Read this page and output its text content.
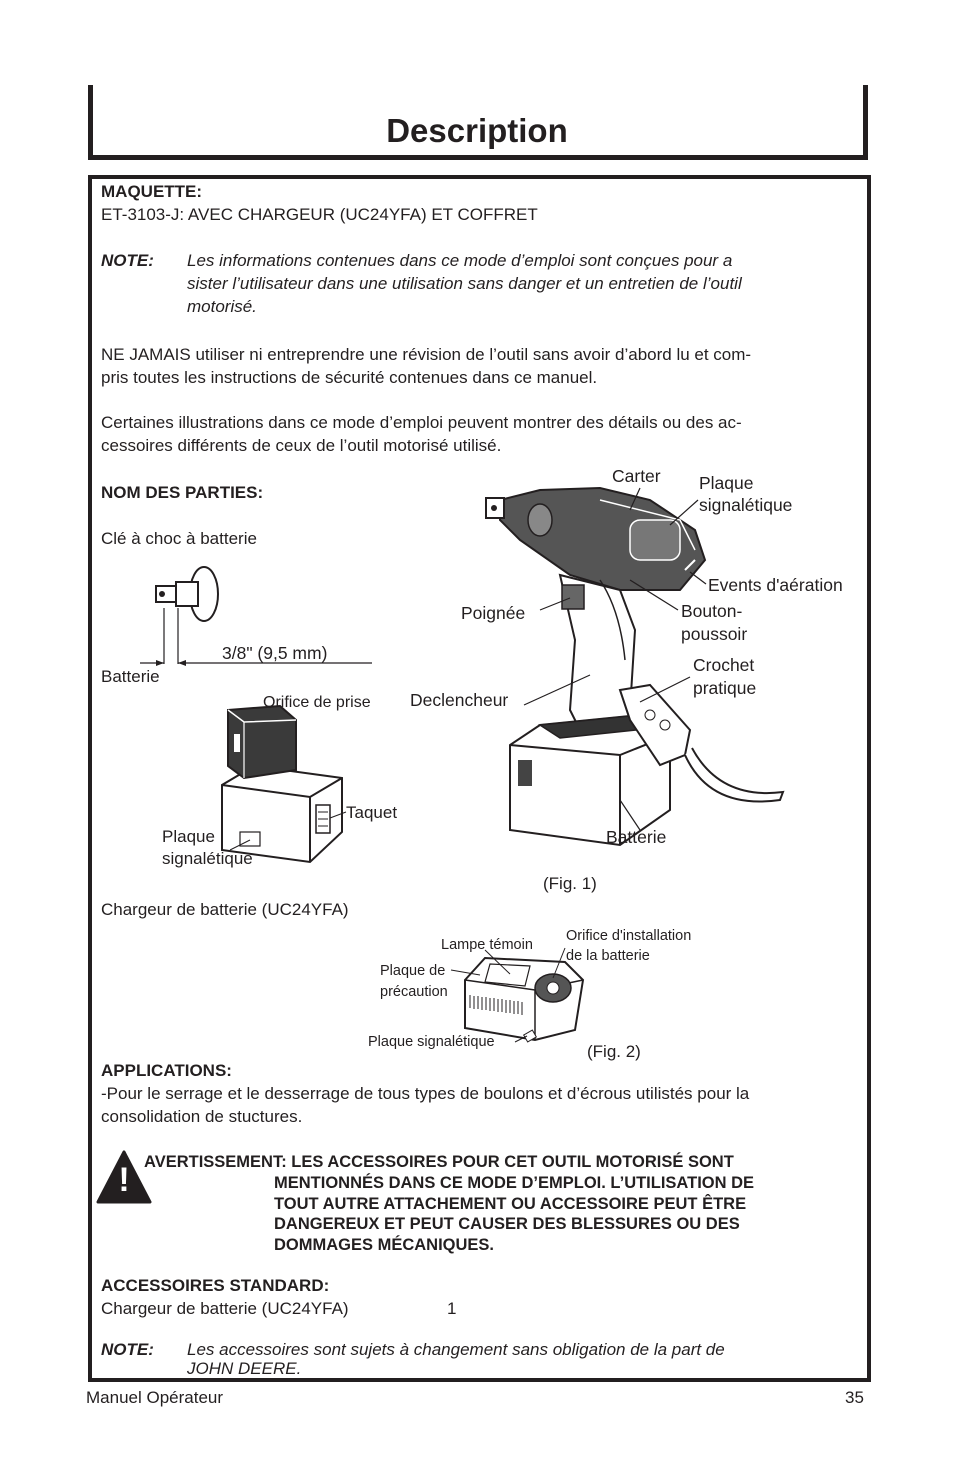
Description
MAQUETTE:
ET-3103-J: AVEC CHARGEUR (UC24YFA) ET COFFRET
NOTE: Les informations contenues dans ce mode d’emploi sont conçues pour a
sister l’utilisateur dans une utilisation sans danger et un entretien de l’outil
motorisé.
NE JAMAIS utiliser ni entreprendre une révision de l’outil sans avoir d’abord lu et com-
pris toutes les instructions de sécurité contenues dans ce manuel.
Certaines illustrations dans ce mode d’emploi peuvent montrer des détails ou des ac-
cessoires différents de ceux de l’outil motorisé utilisé.
NOM DES PARTIES:
Clé à choc à batterie
3/8" (9,5 mm)
Batterie
Orifice de prise
Taquet
Plaque
signalétique
Carter Plaque
signalétique
Events d'aération
Poignée	Bouton-
poussoir
Crochet
pratique
Declencheur
Batterie
(Fig. 1)
Chargeur de batterie (UC24YFA)
Lampe témoin
Orifice d'installation
de la batterie
Plaque de
précaution
Plaque signalétique	(Fig. 2)
APPLICATIONS:
-Pour le serrage et le desserrage de tous types de boulons et d’écrous utilistés pour la
consolidation de stuctures.
! AVERTISSEMENT: LES ACCESSOIRES POUR CET OUTIL MOTORISÉ SONT
MENTIONNÉS DANS CE MODE D’EMPLOI. L’UTILISATION DE
TOUT AUTRE ATTACHEMENT OU ACCESSOIRE PEUT ÊTRE
DANGEREUX ET PEUT CAUSER DES BLESSURES OU DES
DOMMAGES MÉCANIQUES.
ACCESSOIRES STANDARD:
Chargeur de batterie (UC24YFA)	1
NOTE: Les accessoires sont sujets à changement sans obligation de la part de
JOHN DEERE.
Manuel Opérateur	35
